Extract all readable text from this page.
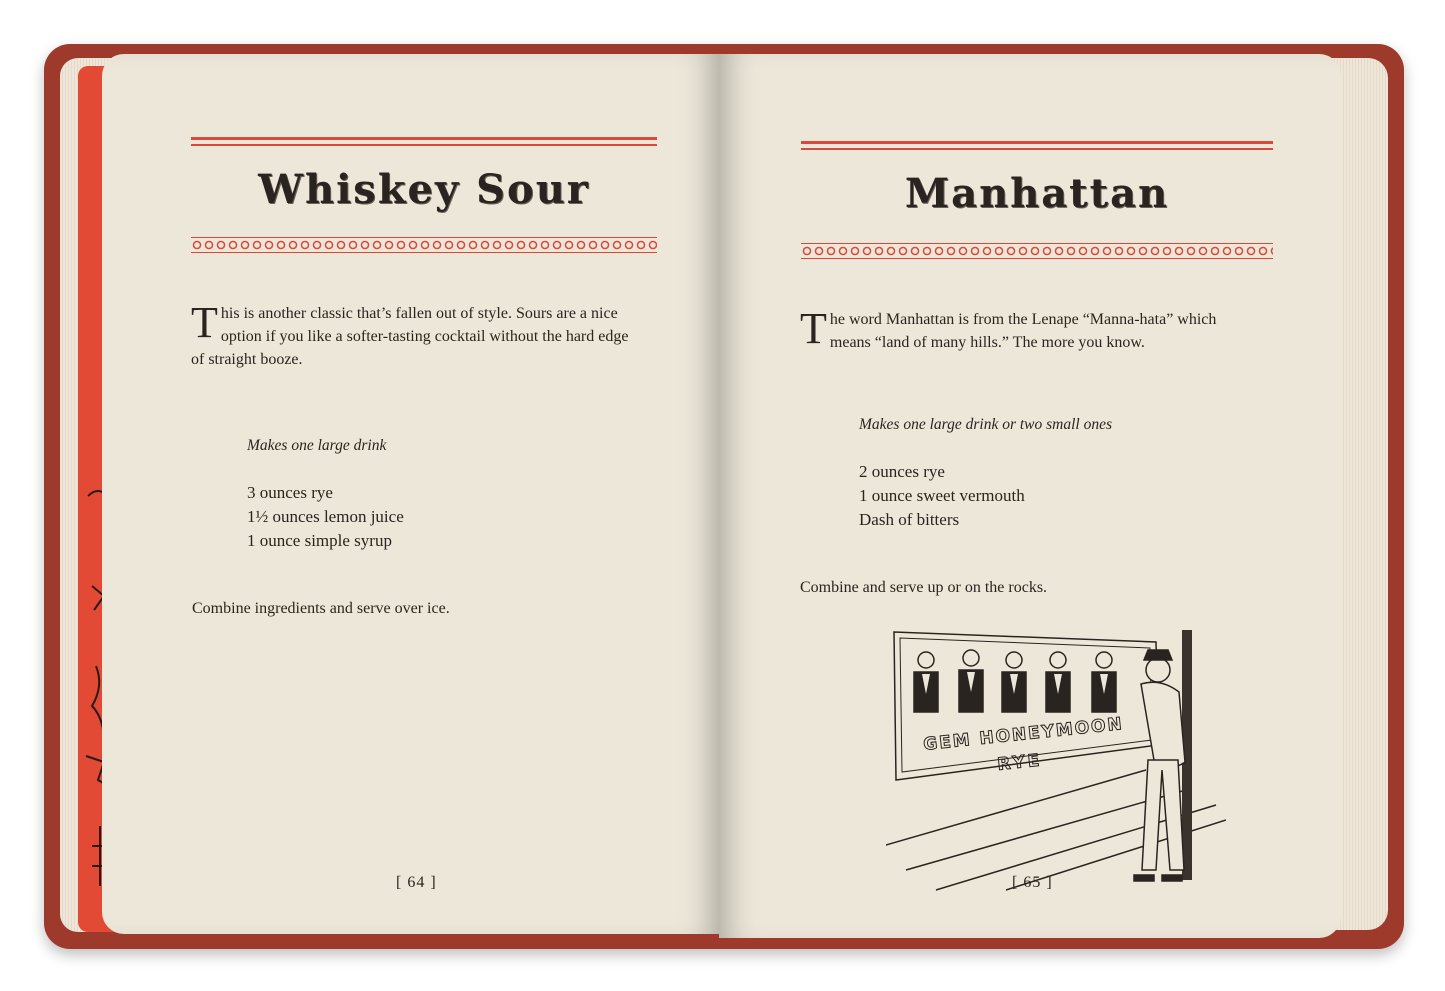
Whiskey Sour
This is another classic that’s fallen out of style. Sours are a nice option if you like a softer-tasting cocktail without the hard edge of straight booze.
Makes one large drink
3 ounces rye
1½ ounces lemon juice
1 ounce simple syrup
Combine ingredients and serve over ice.
[ 64 ]
Manhattan
The word Manhattan is from the Lenape “Manna-hata” which means “land of many hills.” The more you know.
Makes one large drink or two small ones
2 ounces rye
1 ounce sweet vermouth
Dash of bitters
Combine and serve up or on the rocks.
GEM HONEYMOON
RYE
[ 65 ]
